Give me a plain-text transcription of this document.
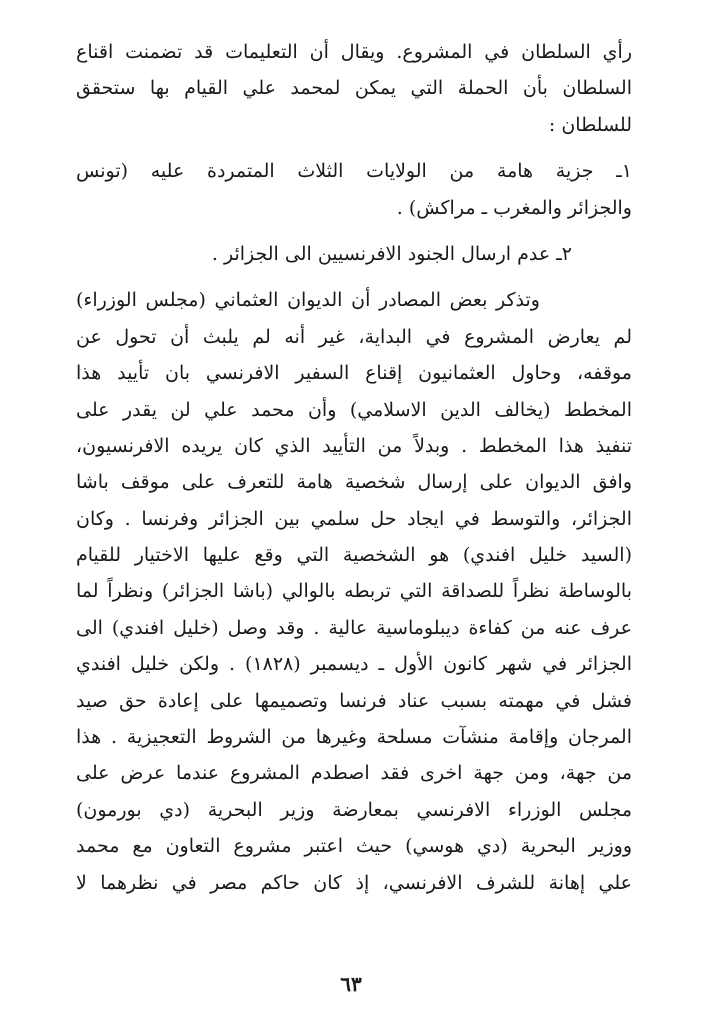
رأي السلطان في المشروع. ويقال أن التعليمات قد تضمنت اقناع
السلطان بأن الحملة التي يمكن لمحمد علي القيام بها ستحقق
للسلطان :
١ـ جزية هامة من الولايات الثلاث المتمردة عليه (تونس
والجزائر والمغرب ـ مراكش) .
٢ـ عدم ارسال الجنود الافرنسيين الى الجزائر .
وتذكر بعض المصادر أن الديوان العثماني (مجلس الوزراء)
لم يعارض المشروع في البداية، غير أنه لم يلبث أن تحول عن
موقفه، وحاول العثمانيون إقناع السفير الافرنسي بان تأييد هذا
المخطط (يخالف الدين الاسلامي) وأن محمد علي لن يقدر على
تنفيذ هذا المخطط . وبدلاً من التأييد الذي كان يريده الافرنسيون،
وافق الديوان على إرسال شخصية هامة للتعرف على موقف باشا
الجزائر، والتوسط في ايجاد حل سلمي بين الجزائر وفرنسا . وكان
(السيد خليل افندي) هو الشخصية التي وقع عليها الاختيار للقيام
بالوساطة نظراً للصداقة التي تربطه بالوالي (باشا الجزائر) ونظراً لما
عرف عنه من كفاءة ديبلوماسية عالية . وقد وصل (خليل افندي) الى
الجزائر في شهر كانون الأول ـ ديسمبر (١٨٢٨) . ولكن خليل افندي
فشل في مهمته بسبب عناد فرنسا وتصميمها على إعادة حق صيد
المرجان وإقامة منشآت مسلحة وغيرها من الشروط التعجيزية . هذا
من جهة، ومن جهة اخرى فقد اصطدم المشروع عندما عرض على
مجلس الوزراء الافرنسي بمعارضة وزير البحرية (دي بورمون)
ووزير البحرية (دي هوسي) حيث اعتبر مشروع التعاون مع محمد
علي إهانة للشرف الافرنسي، إذ كان حاكم مصر في نظرهما لا
٦٣
